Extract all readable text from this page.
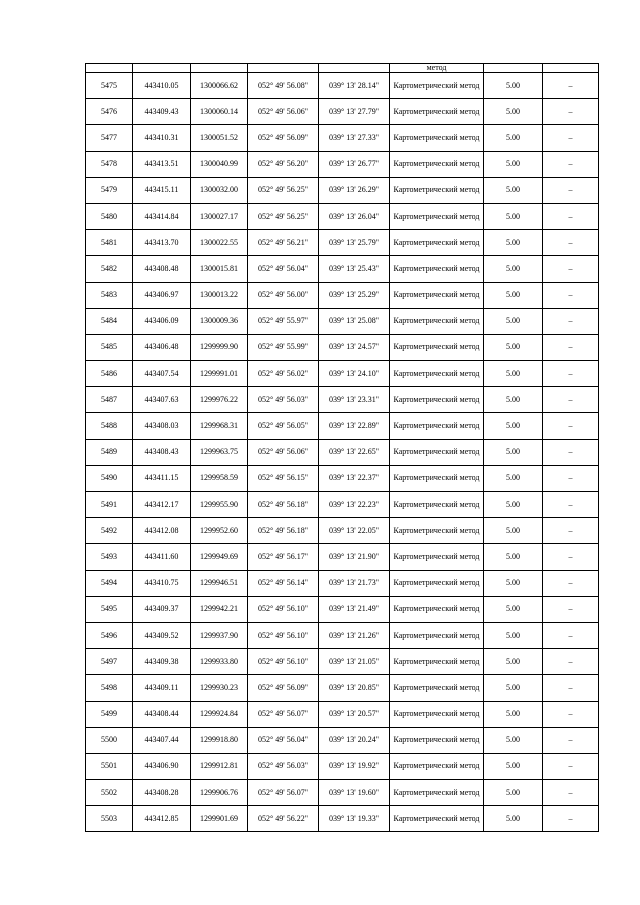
					метод		
5475	443410.05	1300066.62	052° 49' 56.08"	039° 13' 28.14"	Картометрический метод	5.00	–
5476	443409.43	1300060.14	052° 49' 56.06"	039° 13' 27.79"	Картометрический метод	5.00	–
5477	443410.31	1300051.52	052° 49' 56.09"	039° 13' 27.33"	Картометрический метод	5.00	–
5478	443413.51	1300040.99	052° 49' 56.20"	039° 13' 26.77"	Картометрический метод	5.00	–
5479	443415.11	1300032.00	052° 49' 56.25"	039° 13' 26.29"	Картометрический метод	5.00	–
5480	443414.84	1300027.17	052° 49' 56.25"	039° 13' 26.04"	Картометрический метод	5.00	–
5481	443413.70	1300022.55	052° 49' 56.21"	039° 13' 25.79"	Картометрический метод	5.00	–
5482	443408.48	1300015.81	052° 49' 56.04"	039° 13' 25.43"	Картометрический метод	5.00	–
5483	443406.97	1300013.22	052° 49' 56.00"	039° 13' 25.29"	Картометрический метод	5.00	–
5484	443406.09	1300009.36	052° 49' 55.97"	039° 13' 25.08"	Картометрический метод	5.00	–
5485	443406.48	1299999.90	052° 49' 55.99"	039° 13' 24.57"	Картометрический метод	5.00	–
5486	443407.54	1299991.01	052° 49' 56.02"	039° 13' 24.10"	Картометрический метод	5.00	–
5487	443407.63	1299976.22	052° 49' 56.03"	039° 13' 23.31"	Картометрический метод	5.00	–
5488	443408.03	1299968.31	052° 49' 56.05"	039° 13' 22.89"	Картометрический метод	5.00	–
5489	443408.43	1299963.75	052° 49' 56.06"	039° 13' 22.65"	Картометрический метод	5.00	–
5490	443411.15	1299958.59	052° 49' 56.15"	039° 13' 22.37"	Картометрический метод	5.00	–
5491	443412.17	1299955.90	052° 49' 56.18"	039° 13' 22.23"	Картометрический метод	5.00	–
5492	443412.08	1299952.60	052° 49' 56.18"	039° 13' 22.05"	Картометрический метод	5.00	–
5493	443411.60	1299949.69	052° 49' 56.17"	039° 13' 21.90"	Картометрический метод	5.00	–
5494	443410.75	1299946.51	052° 49' 56.14"	039° 13' 21.73"	Картометрический метод	5.00	–
5495	443409.37	1299942.21	052° 49' 56.10"	039° 13' 21.49"	Картометрический метод	5.00	–
5496	443409.52	1299937.90	052° 49' 56.10"	039° 13' 21.26"	Картометрический метод	5.00	–
5497	443409.38	1299933.80	052° 49' 56.10"	039° 13' 21.05"	Картометрический метод	5.00	–
5498	443409.11	1299930.23	052° 49' 56.09"	039° 13' 20.85"	Картометрический метод	5.00	–
5499	443408.44	1299924.84	052° 49' 56.07"	039° 13' 20.57"	Картометрический метод	5.00	–
5500	443407.44	1299918.80	052° 49' 56.04"	039° 13' 20.24"	Картометрический метод	5.00	–
5501	443406.90	1299912.81	052° 49' 56.03"	039° 13' 19.92"	Картометрический метод	5.00	–
5502	443408.28	1299906.76	052° 49' 56.07"	039° 13' 19.60"	Картометрический метод	5.00	–
5503	443412.85	1299901.69	052° 49' 56.22"	039° 13' 19.33"	Картометрический метод	5.00	–
